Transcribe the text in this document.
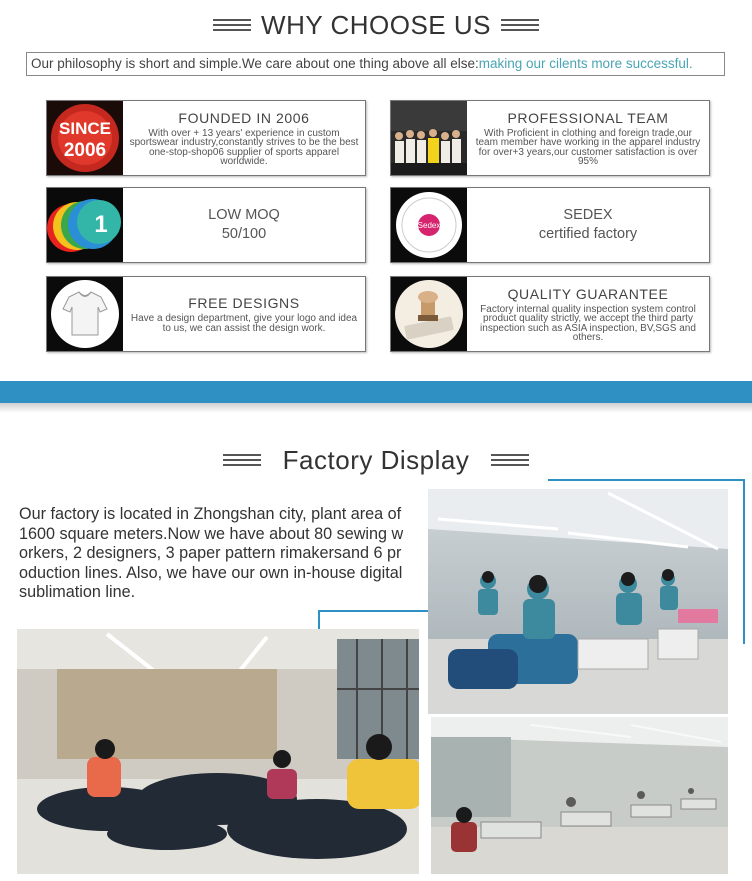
WHY CHOOSE US
Our philosophy is short and simple.We care about one thing above all else:making our cilents more successful.
SINCE
2006
FOUNDED IN 2006
With over + 13 years' experience in custom sportswear industry,constantly strives to be the best one-stop-shop06 supplier of sports apparel worldwide.
PROFESSIONAL TEAM
With Proficient in clothing and foreign trade,our team member have working in the apparel industry for over+3 years,our customer satisfaction is over 95%
1	LOW MOQ
50/100
Sedex
SEDEX
certified factory
FREE DESIGNS
Have a design department, give your logo and idea to us, we can assist the design work.
QUALITY GUARANTEE
Factory internal quality inspection system control product quality strictly, we accept the third party inspection such as ASIA inspection, BV,SGS and others.
Factory Display
Our factory is located in Zhongshan city, plant area of 1600 square meters.Now we have about 80 sewing w orkers, 2 designers, 3 paper pattern rimakersand 6 pr oduction lines. Also, we have our own in-house digital sublimation line.
